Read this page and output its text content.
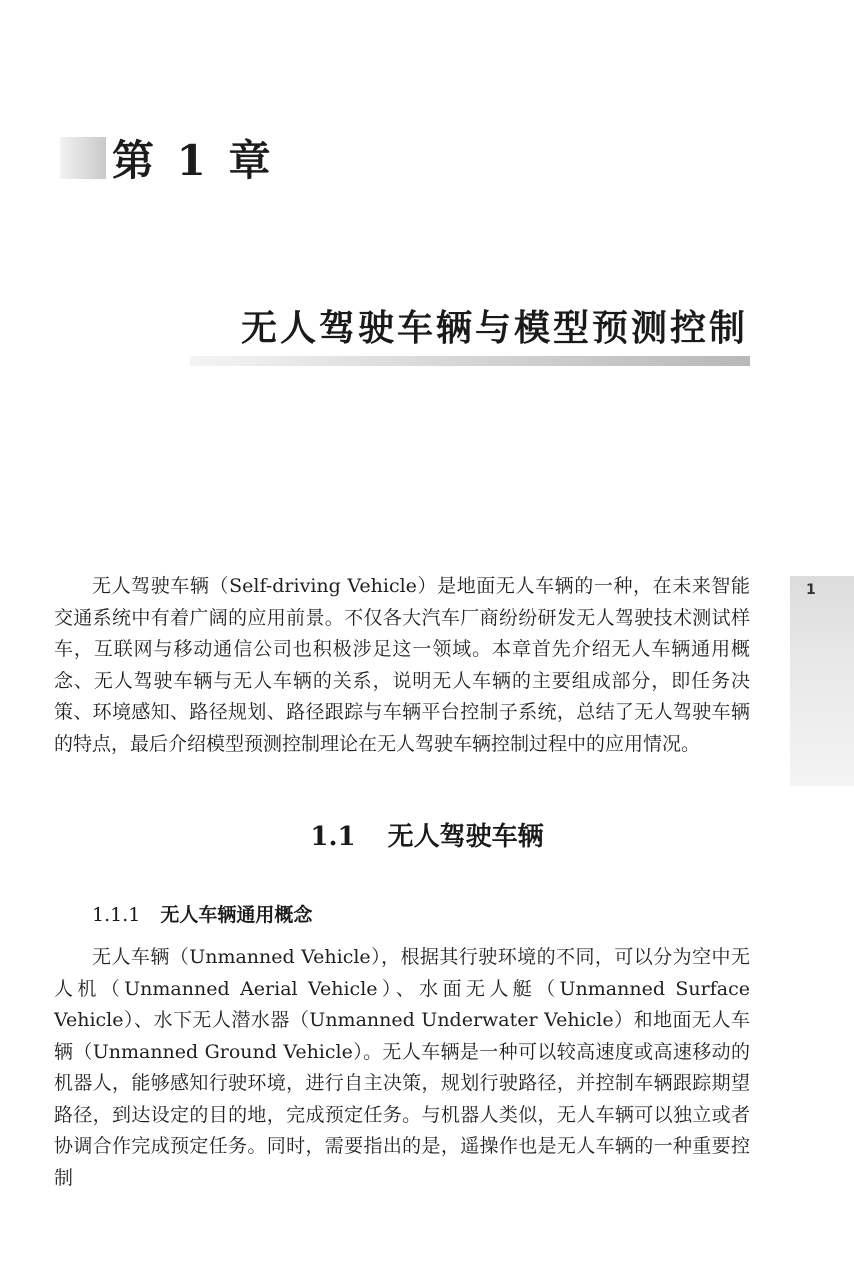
第 1 章
无人驾驶车辆与模型预测控制
1

无人驾驶车辆（Self-driving Vehicle）是地面无人车辆的一种，在未来智能交通系统中有着广阔的应用前景。不仅各大汽车厂商纷纷研发无人驾驶技术测试样车，互联网与移动通信公司也积极涉足这一领域。本章首先介绍无人车辆通用概念、无人驾驶车辆与无人车辆的关系，说明无人车辆的主要组成部分，即任务决策、环境感知、路径规划、路径跟踪与车辆平台控制子系统，总结了无人驾驶车辆的特点，最后介绍模型预测控制理论在无人驾驶车辆控制过程中的应用情况。

1.1 无人驾驶车辆
1.1.1 无人车辆通用概念

无人车辆（Unmanned Vehicle），根据其行驶环境的不同，可以分为空中无人机（Unmanned Aerial Vehicle）、水面无人艇（Unmanned Surface Vehicle）、水下无人潜水器（Unmanned Underwater Vehicle）和地面无人车辆（Unmanned Ground Vehicle）。无人车辆是一种可以较高速度或高速移动的机器人，能够感知行驶环境，进行自主决策，规划行驶路径，并控制车辆跟踪期望路径，到达设定的目的地，完成预定任务。与机器人类似，无人车辆可以独立或者协调合作完成预定任务。同时，需要指出的是，遥操作也是无人车辆的一种重要控制
